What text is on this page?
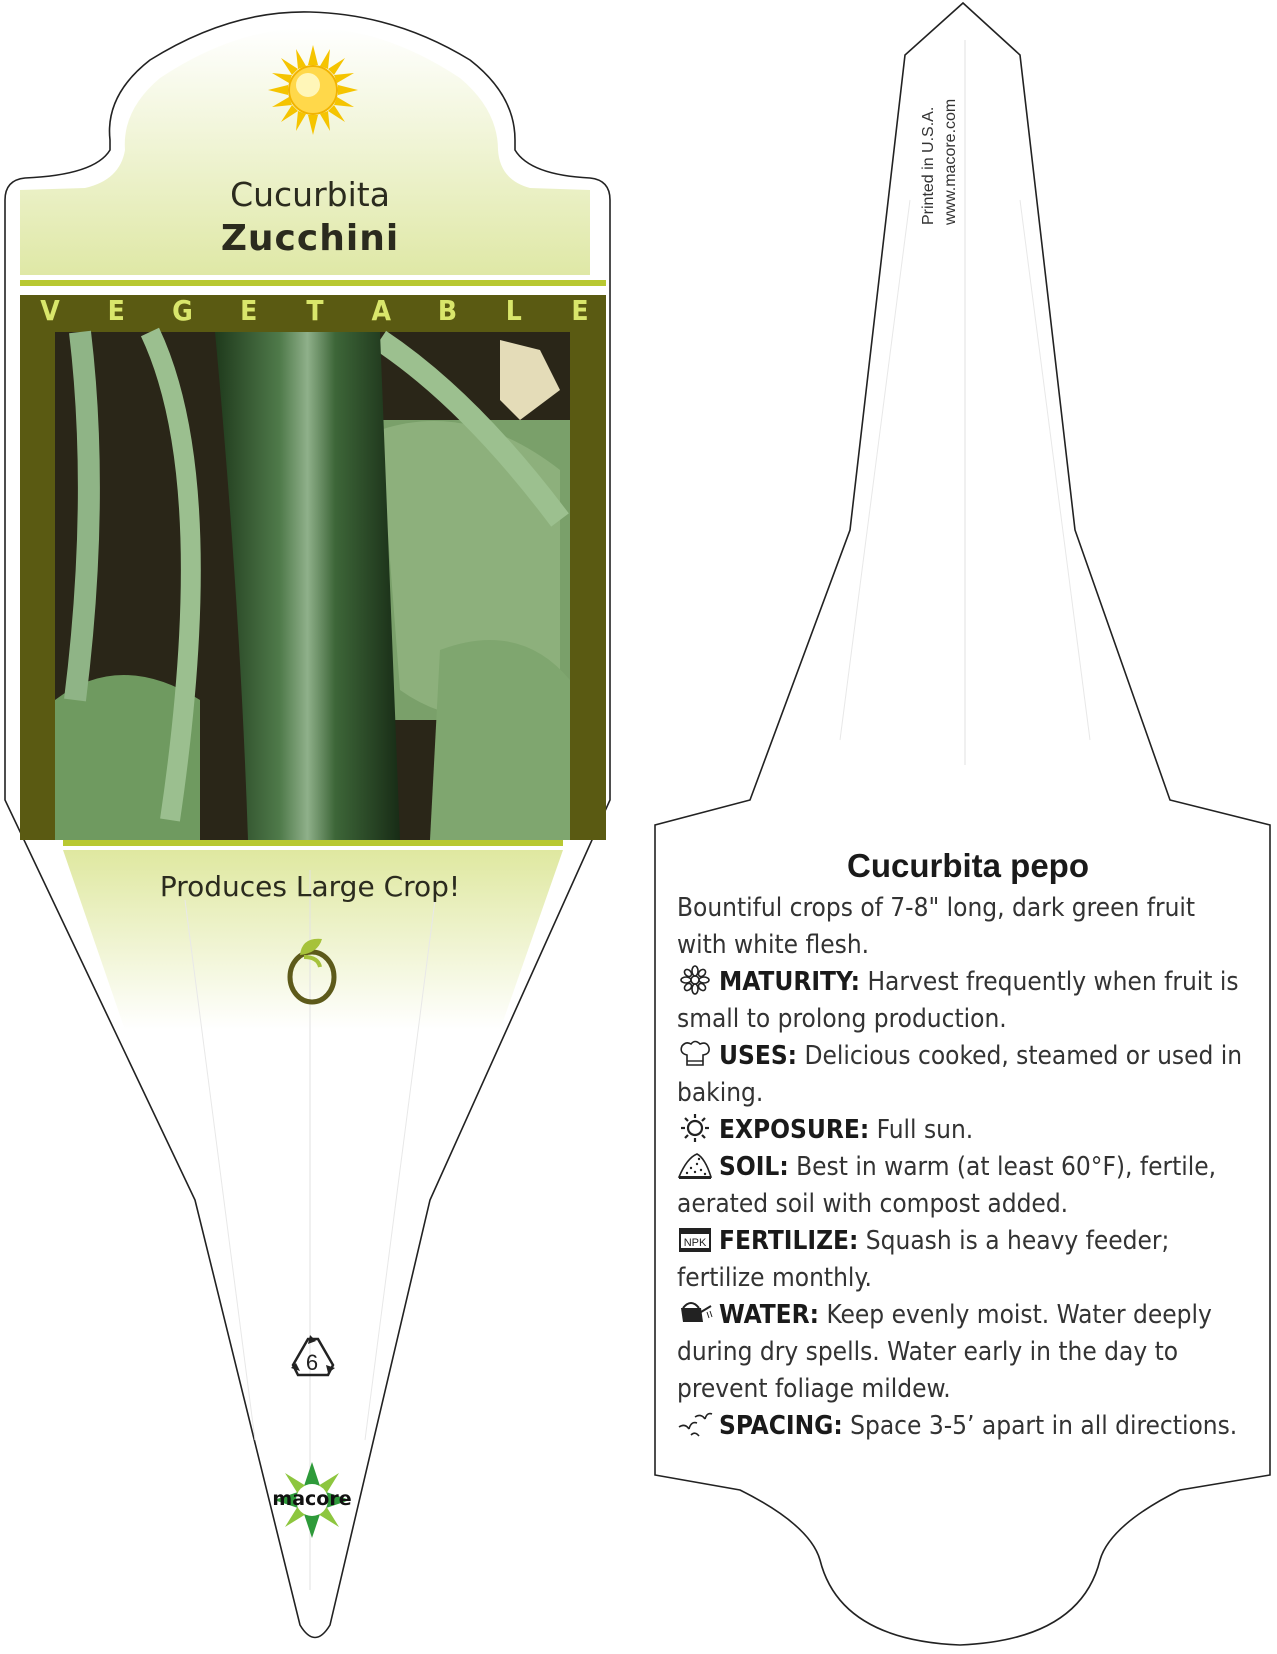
Cucurbita
Zucchini
V E G E T A B L E
Produces Large Crop!
6
macore
Printed in U.S.A. www.macore.com
Cucurbita pepo

Bountiful crops of 7-8" long, dark green fruit with white flesh.

MATURITY: Harvest frequently when fruit is small to prolong production.

USES: Delicious cooked, steamed or used in baking.

EXPOSURE: Full sun.

SOIL: Best in warm (at least 60°F), fertile, aerated soil with compost added.

NPK FERTILIZE: Squash is a heavy feeder; fertilize monthly.

WATER: Keep evenly moist. Water deeply during dry spells. Water early in the day to prevent foliage mildew.

SPACING: Space 3-5’ apart in all directions.
